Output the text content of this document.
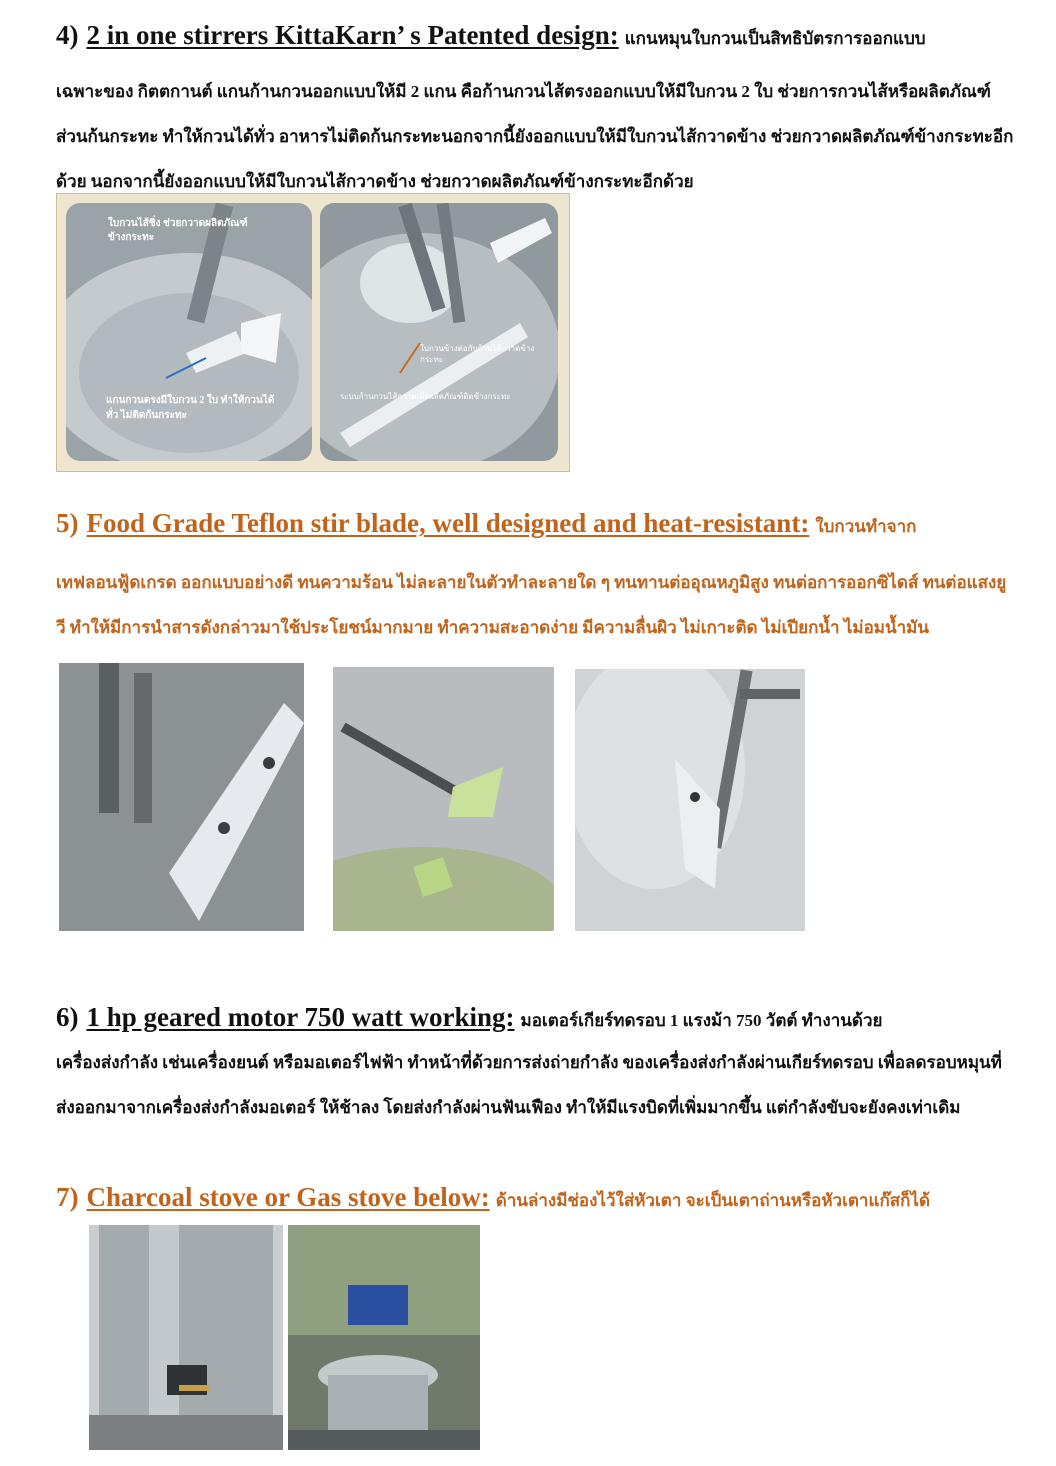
4) 2 in one stirrers KittaKarn’ s Patented design: แกนหมุนใบกวนเป็นสิทธิบัตรการออกแบบ
เฉพาะของ กิตตกานต์ แกนก้านกวนออกแบบให้มี 2 แกน คือก้านกวนไส้ตรงออกแบบให้มีใบกวน 2 ใบ ช่วยการกวนไส้หรือผลิตภัณฑ์
ส่วนก้นกระทะ ทำให้กวนได้ทั่ว อาหารไม่ติดก้นกระทะนอกจากนี้ยังออกแบบให้มีใบกวนไส้กวาดข้าง ช่วยกวาดผลิตภัณฑ์ข้างกระทะอีก
ด้วย นอกจากนี้ยังออกแบบให้มีใบกวนไส้กวาดข้าง ช่วยกวาดผลิตภัณฑ์ข้างกระทะอีกด้วย
ใบกวนไส้ชิ่ง ช่วยกวาดผลิตภัณฑ์ข้างกระทะ
แกนกวนตรงมีใบกวน 2 ใบ ทำให้กวนได้ทั่ว ไม่ติดก้นกระทะ
ใบกวนข้างต่อกับก้านไส้กวาดข้างกระทะ
ระบบก้านกวนไส้กวาดเพื่อผลิตภัณฑ์ติดข้างกระทะ
5) Food Grade Teflon stir blade, well designed and heat-resistant: ใบกวนทำจาก
เทฟลอนฟู้ดเกรด ออกแบบอย่างดี ทนความร้อน ไม่ละลายในตัวทำละลายใด ๆ ทนทานต่ออุณหภูมิสูง ทนต่อการออกซิไดส์ ทนต่อแสงยู
วี ทำให้มีการนำสารดังกล่าวมาใช้ประโยชน์มากมาย ทำความสะอาดง่าย มีความลื่นผิว ไม่เกาะติด ไม่เปียกน้ำ ไม่อมน้ำมัน
6) 1 hp geared motor 750 watt working: มอเตอร์เกียร์ทดรอบ 1 แรงม้า 750 วัตต์ ทำงานด้วย
เครื่องส่งกำลัง เช่นเครื่องยนต์ หรือมอเตอร์ไฟฟ้า ทำหน้าที่ด้วยการส่งถ่ายกำลัง ของเครื่องส่งกำลังผ่านเกียร์ทดรอบ เพื่อลดรอบหมุนที่
ส่งออกมาจากเครื่องส่งกำลังมอเตอร์ ให้ช้าลง โดยส่งกำลังผ่านฟันเฟือง ทำให้มีแรงบิดที่เพิ่มมากขึ้น แต่กำลังขับจะยังคงเท่าเดิม
7) Charcoal stove or Gas stove below: ด้านล่างมีช่องไว้ใส่หัวเตา จะเป็นเตาถ่านหรือหัวเตาแก๊สก็ได้
